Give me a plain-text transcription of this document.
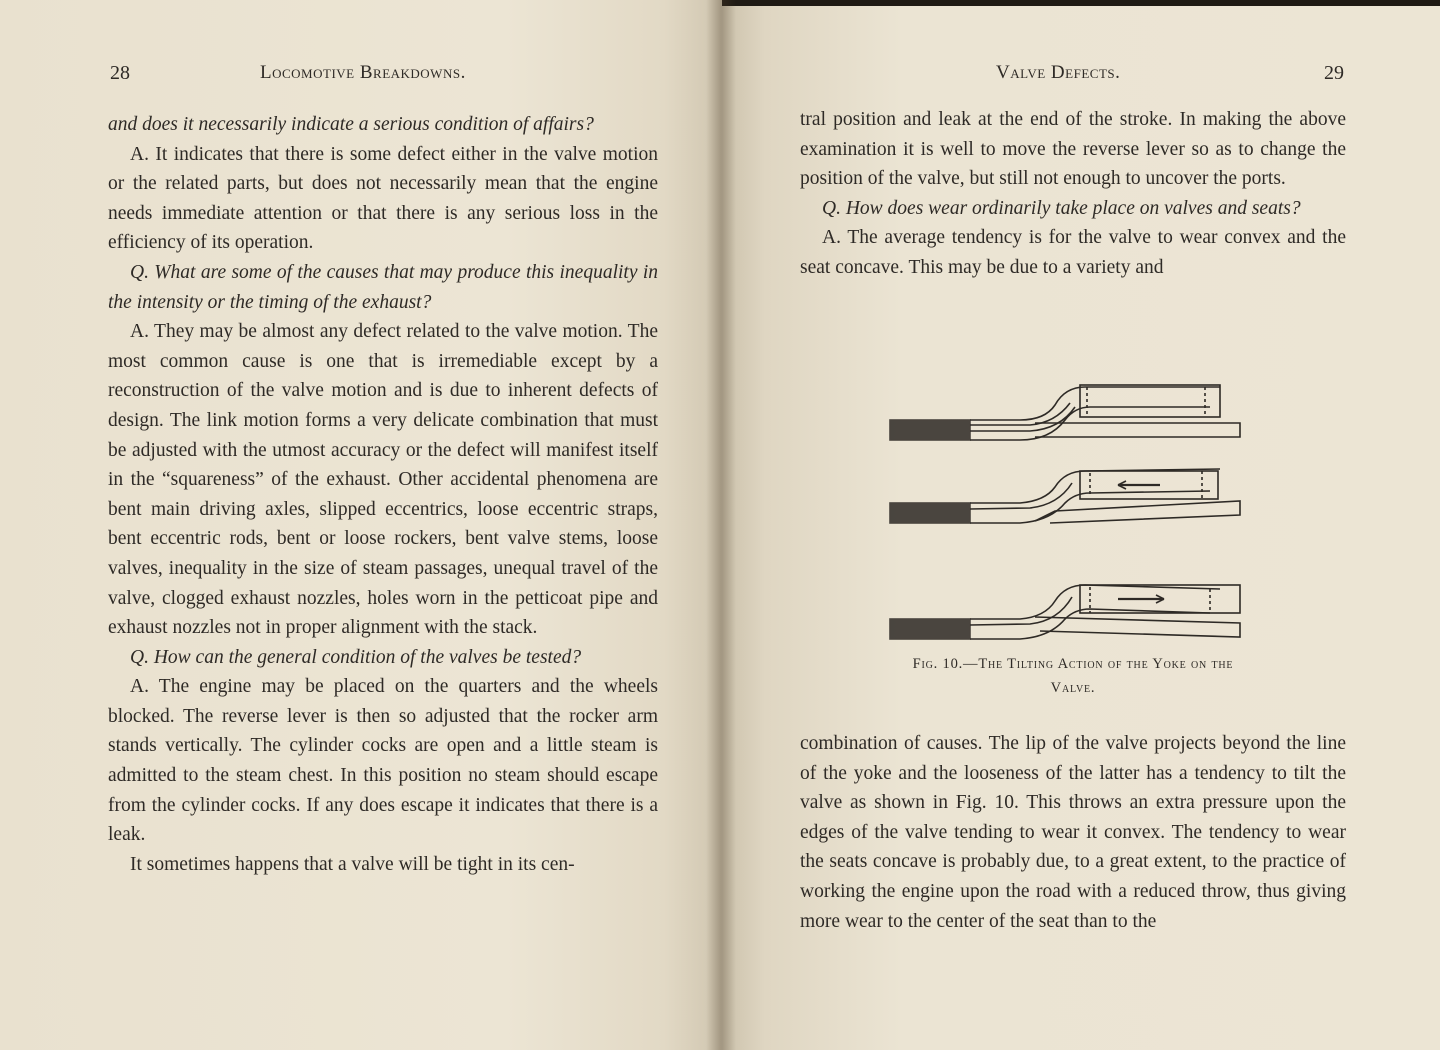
28	Locomotive Breakdowns.

and does it necessarily indicate a serious condition of affairs?

A. It indicates that there is some defect either in the valve motion or the related parts, but does not necessarily mean that the engine needs immediate attention or that there is any serious loss in the efficiency of its operation.

Q. What are some of the causes that may produce this inequality in the intensity or the timing of the exhaust?

A. They may be almost any defect related to the valve motion. The most common cause is one that is irremediable except by a reconstruction of the valve motion and is due to inherent defects of design. The link motion forms a very delicate combination that must be adjusted with the utmost accuracy or the defect will manifest itself in the “squareness” of the exhaust. Other accidental phenomena are bent main driving axles, slipped eccentrics, loose eccentric straps, bent eccentric rods, bent or loose rockers, bent valve stems, loose valves, inequality in the size of steam passages, unequal travel of the valve, clogged exhaust nozzles, holes worn in the petticoat pipe and exhaust nozzles not in proper alignment with the stack.

Q. How can the general condition of the valves be tested?

A. The engine may be placed on the quarters and the wheels blocked. The reverse lever is then so adjusted that the rocker arm stands vertically. The cylinder cocks are open and a little steam is admitted to the steam chest. In this position no steam should escape from the cylinder cocks. If any does escape it indicates that there is a leak.

It sometimes happens that a valve will be tight in its cen-

Valve Defects.	29

tral position and leak at the end of the stroke. In making the above examination it is well to move the reverse lever so as to change the position of the valve, but still not enough to uncover the ports.

Q. How does wear ordinarily take place on valves and seats?

A. The average tendency is for the valve to wear convex and the seat concave. This may be due to a variety and

Fig. 10.—The Tilting Action of the Yoke on the
Valve.

combination of causes. The lip of the valve projects beyond the line of the yoke and the looseness of the latter has a tendency to tilt the valve as shown in Fig. 10. This throws an extra pressure upon the edges of the valve tending to wear it convex. The tendency to wear the seats concave is probably due, to a great extent, to the practice of working the engine upon the road with a reduced throw, thus giving more wear to the center of the seat than to the
